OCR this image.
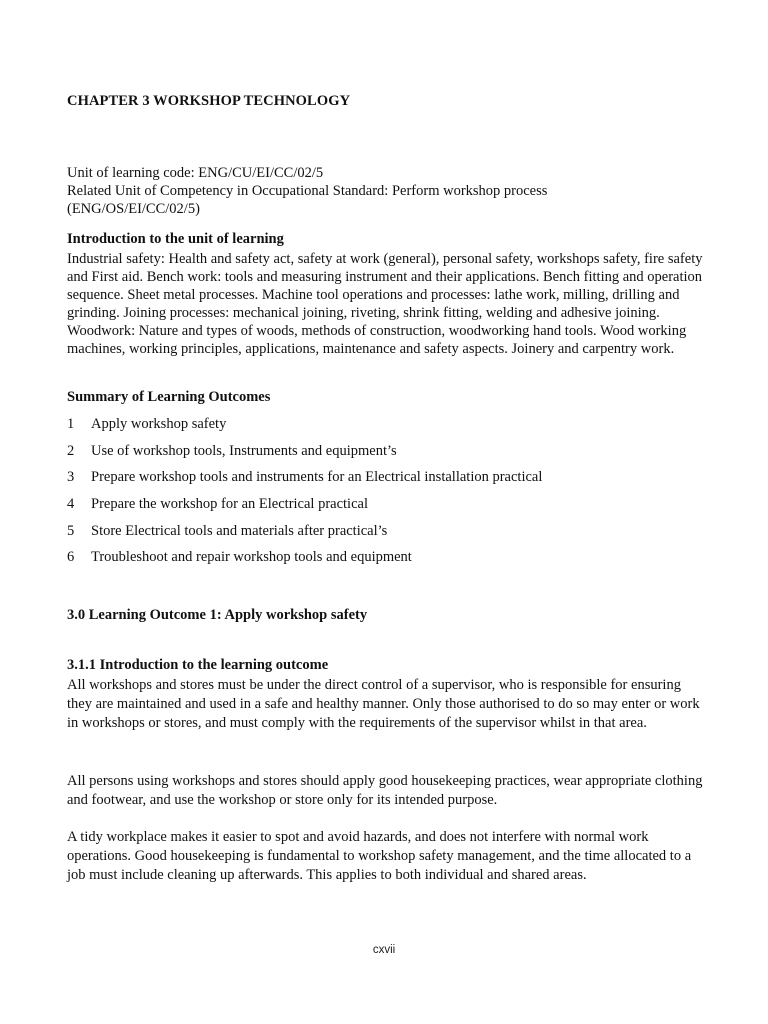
CHAPTER 3 WORKSHOP TECHNOLOGY
Unit of learning code: ENG/CU/EI/CC/02/5
Related Unit of Competency in Occupational Standard: Perform workshop process
(ENG/OS/EI/CC/02/5)
Introduction to the unit of learning

Industrial safety: Health and safety act, safety at work (general), personal safety, workshops safety, fire safety and First aid. Bench work: tools and measuring instrument and their applications. Bench fitting and operation sequence. Sheet metal processes. Machine tool operations and processes: lathe work, milling, drilling and grinding. Joining processes: mechanical joining, riveting, shrink fitting, welding and adhesive joining. Woodwork: Nature and types of woods, methods of construction, woodworking hand tools. Wood working machines, working principles, applications, maintenance and safety aspects. Joinery and carpentry work.

Summary of Learning Outcomes
1	Apply workshop safety
2	Use of workshop tools, Instruments and equipment’s
3	Prepare workshop tools and instruments for an Electrical installation practical
4	Prepare the workshop for an Electrical practical
5	Store Electrical tools and materials after practical’s
6	Troubleshoot and repair workshop tools and equipment
3.0 Learning Outcome 1: Apply workshop safety
3.1.1 Introduction to the learning outcome

All workshops and stores must be under the direct control of a supervisor, who is responsible for ensuring they are maintained and used in a safe and healthy manner. Only those authorised to do so may enter or work in workshops or stores, and must comply with the requirements of the supervisor whilst in that area.

All persons using workshops and stores should apply good housekeeping practices, wear appropriate clothing and footwear, and use the workshop or store only for its intended purpose.

A tidy workplace makes it easier to spot and avoid hazards, and does not interfere with normal work operations. Good housekeeping is fundamental to workshop safety management, and the time allocated to a job must include cleaning up afterwards. This applies to both individual and shared areas.

cxvii
